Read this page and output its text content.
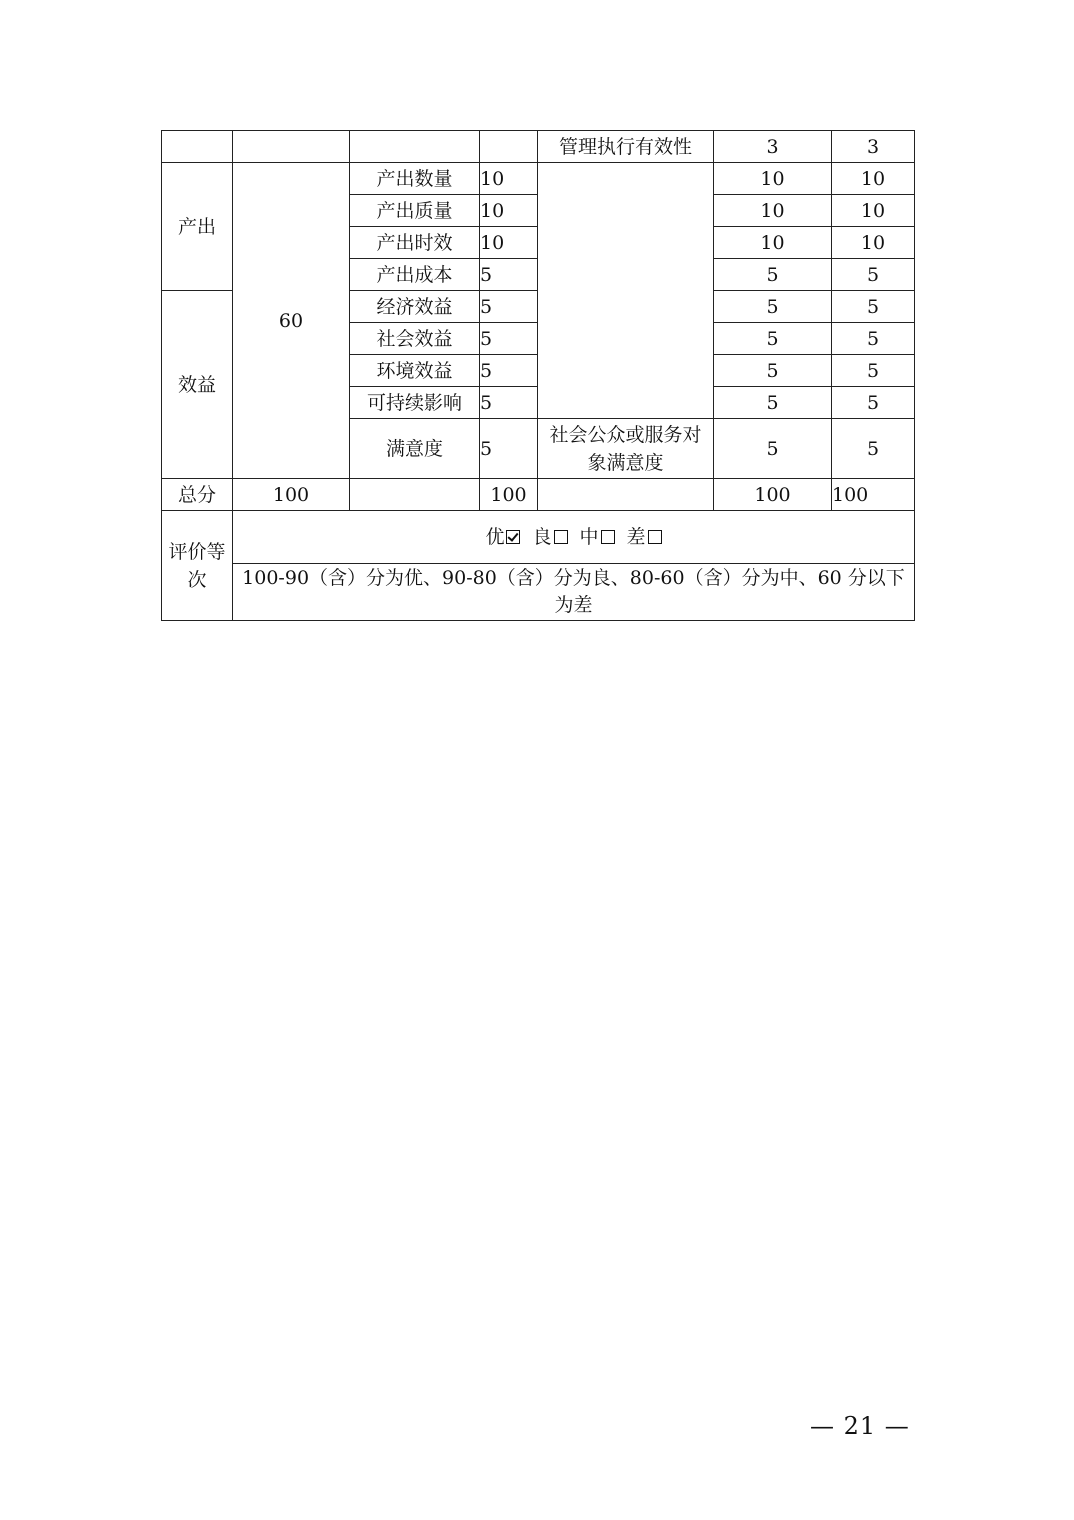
				管理执行有效性	3	3
产出	60	产出数量	10		10	10
		产出质量	10		10	10
		产出时效	10		10	10
		产出成本	5		5	5
效益		经济效益	5		5	5
		社会效益	5		5	5
		环境效益	5		5	5
		可持续影响	5		5	5
		满意度	5	社会公众或服务对象满意度	5	5
总分	100		100		100	100
评价等次	优 良 中 差					
	100-90（含）分为优、90-80（含）分为良、80-60（含）分为中、60 分以下为差					
— 21 —
